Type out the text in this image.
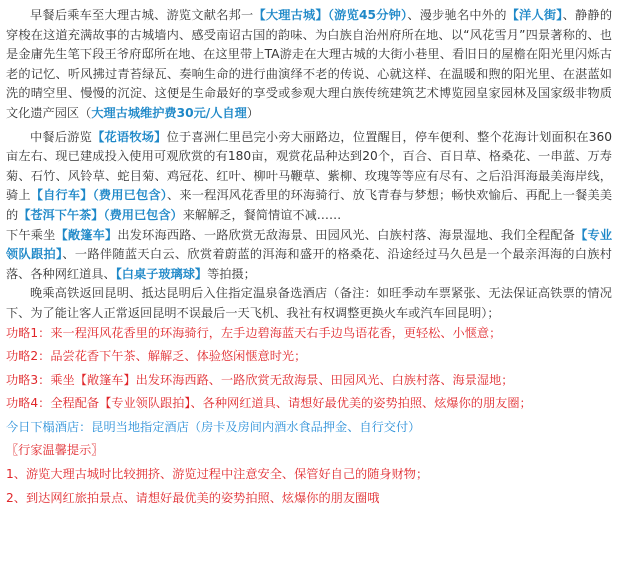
早餐后乘车至大理古城、游览文献名邦一【大理古城】（游览45分钟）、漫步驰名中外的【洋人街】、静静的穿梭在这道充满故事的古城墙内、感受南诏古国的韵味、为白族自治州府所在地、以“风花雪月”四景著称的、也是金庸先生笔下段王爷府邸所在地、在这里带上TA游走在大理古城的大街小巷里、看旧日的屋檐在阳光里闪烁古老的记忆、听风拂过青苔绿瓦、奏响生命的进行曲演绎不老的传说、心就这样、在温暖和煦的阳光里、在湛蓝如洗的晴空里、慢慢的沉淀、这便是生命最好的享受或参观大理白族传统建筑艺术博览园皇家园林及国家级非物质文化遗产园区（大理古城维护费30元/人自理）

中餐后游览【花语牧场】位于喜洲仁里邑完小旁大丽路边，位置醒目，停车便利、整个花海计划面积在360亩左右、现已建成投入使用可观欣赏的有180亩，观赏花品种达到20个，百合、百日草、格桑花、一串蓝、万寿菊、石竹、风铃草、蛇目菊、鸡冠花、红叶、柳叶马鞭草、紫柳、玫瑰等等应有尽有、之后沿洱海最美海岸线，骑上【自行车】（费用已包含）、来一程洱风花香里的环海骑行、放飞青春与梦想；畅快欢愉后、再配上一餐美美的【苍洱下午茶】（费用已包含）来解解乏，餐简情谊不减……

下午乘坐【敞篷车】出发环海西路、一路欣赏无敌海景、田园风光、白族村落、海景湿地、我们全程配备【专业领队跟拍】、一路伴随蓝天白云、欣赏着蔚蓝的洱海和盛开的格桑花、沿途经过马久邑是一个最亲洱海的白族村落、各种网红道具、【白桌子玻璃球】等拍摄；

晚乘高铁返回昆明、抵达昆明后入住指定温泉备选酒店（备注：如旺季动车票紧张、无法保证高铁票的情况下、为了能让客人正常返回昆明不误最后一天飞机、我社有权调整更换火车或汽车回昆明）；

功略1：来一程洱风花香里的环海骑行，左手边碧海蓝天右手边鸟语花香，更轻松、小惬意；

功略2：品尝花香下午茶、解解乏、体验悠闲惬意时光；

功略3：乘坐【敞篷车】出发环海西路、一路欣赏无敌海景、田园风光、白族村落、海景湿地；

功略4：全程配备【专业领队跟拍】、各种网红道具、请想好最优美的姿势拍照、炫爆你的朋友圈；

今日下榻酒店：昆明当地指定酒店（房卡及房间内酒水食品押金、自行交付）

〖行家温馨提示〗

1、游览大理古城时比较拥挤、游览过程中注意安全、保管好自己的随身财物；

2、到达网红旅拍景点、请想好最优美的姿势拍照、炫爆你的朋友圈哦
